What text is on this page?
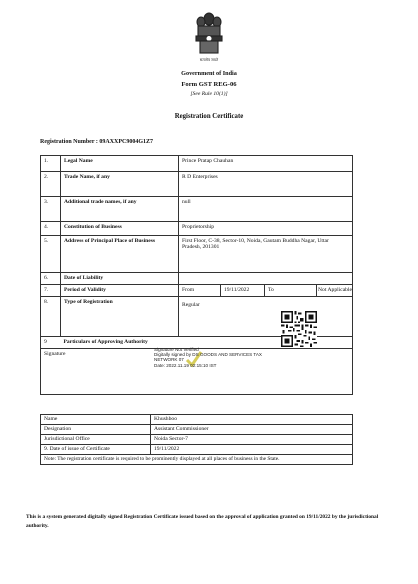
सत्यमेव जयते
Government of India
Form GST REG-06
[See Rule 10(1)]
Registration Certificate
Registration Number : 09AXXPC9004G1Z7
1.	Legal Name	Prince Pratap Chauhan			
2.	Trade Name, if any	R D Enterprises			
3.	Additional trade names, if any	null			
4.	Constitution of Business	Proprietorship			
5.	Address of Principal Place of Business	First Floor, C-38, Sector-10, Noida, Gautam Buddha Nagar, Uttar Pradesh, 201301			
6.	Date of Liability				
7.	Period of Validity	From	19/11/2022	To	Not Applicable
8.	Type of Registration	Regular			
9	Particulars of Approving Authority				
Signature					
Signature Not Verified
Digitally signed by DS GOODS AND SERVICES TAX NETWORK 07
Date: 2022.11.19 02:15:10 IST
Name	Khushboo
Designation	Assistant Commissioner
Jurisdictional Office	Noida Sector-7
9. Date of issue of Certificate	19/11/2022
Note: The registration certificate is required to be prominently displayed at all places of business in the State.	
This is a system generated digitally signed Registration Certificate issued based on the approval of application granted on 19/11/2022 by the jurisdictional authority.
